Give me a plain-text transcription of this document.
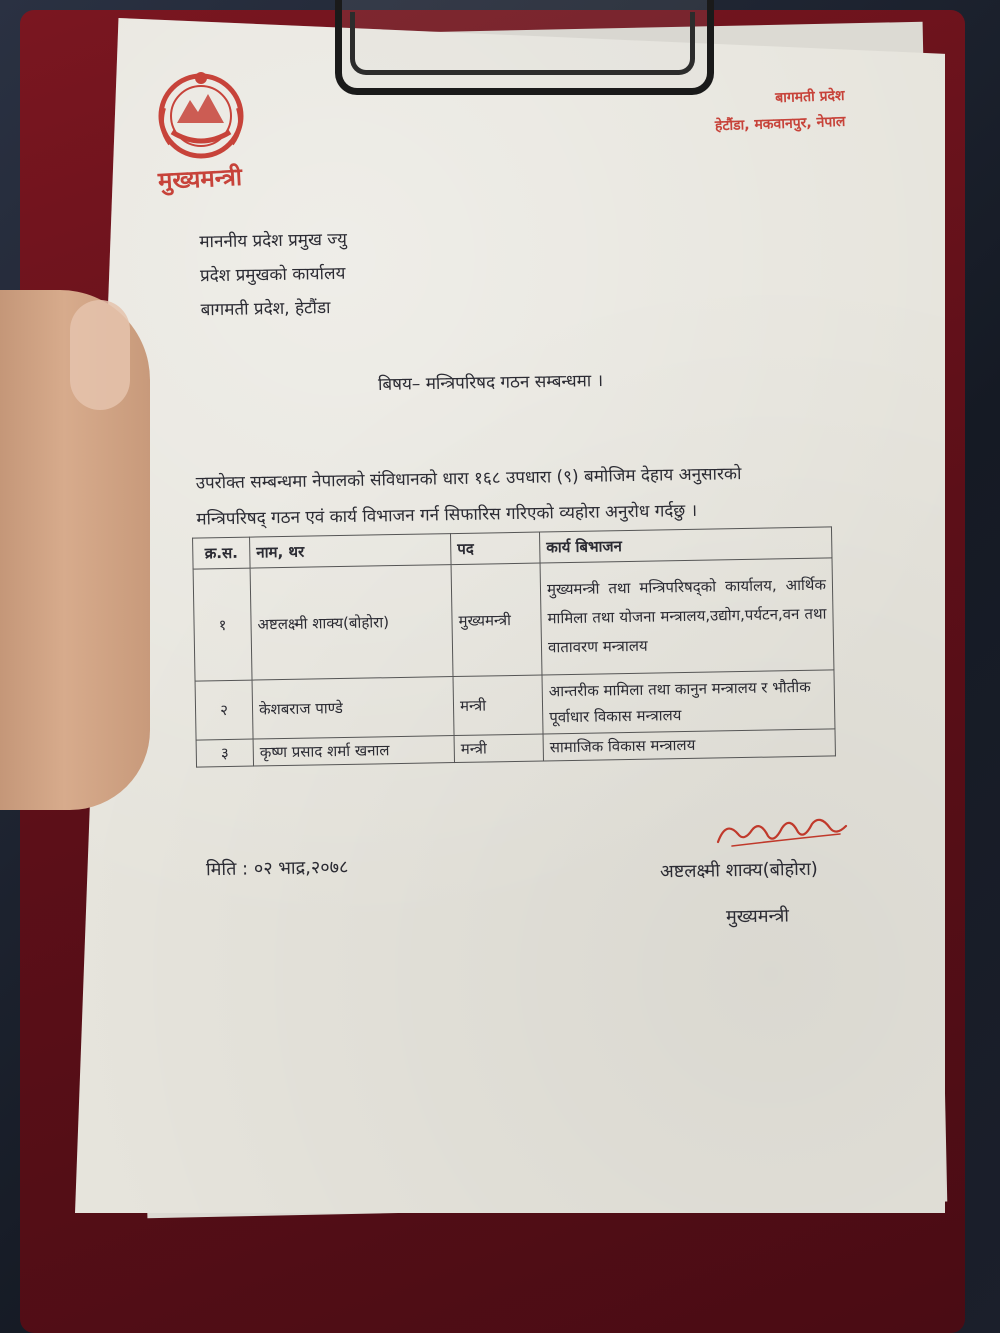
मुख्यमन्त्री
बागमती प्रदेश
हेटौंडा, मकवानपुर, नेपाल
माननीय प्रदेश प्रमुख ज्यु
प्रदेश प्रमुखको कार्यालय
बागमती प्रदेश, हेटौंडा
बिषय– मन्त्रिपरिषद गठन सम्बन्धमा ।
उपरोक्त सम्बन्धमा नेपालको संविधानको धारा १६८ उपधारा (९) बमोजिम देहाय अनुसारको
मन्त्रिपरिषद् गठन एवं कार्य विभाजन गर्न सिफारिस गरिएको व्यहोरा अनुरोध गर्दछु ।
क्र.स.	नाम, थर	पद	कार्य बिभाजन
१	अष्टलक्ष्मी शाक्य(बोहोरा)	मुख्यमन्त्री	मुख्यमन्त्री तथा मन्त्रिपरिषद्को कार्यालय, आर्थिक मामिला तथा योजना मन्त्रालय,उद्योग,पर्यटन,वन तथा वातावरण मन्त्रालय
२	केशबराज पाण्डे	मन्त्री	आन्तरीक मामिला तथा कानुन मन्त्रालय र भौतीक पूर्वाधार विकास मन्त्रालय
३	कृष्ण प्रसाद शर्मा खनाल	मन्त्री	सामाजिक विकास मन्त्रालय
मिति : ०२ भाद्र,२०७८	अष्टलक्ष्मी शाक्य(बोहोरा)
मुख्यमन्त्री
